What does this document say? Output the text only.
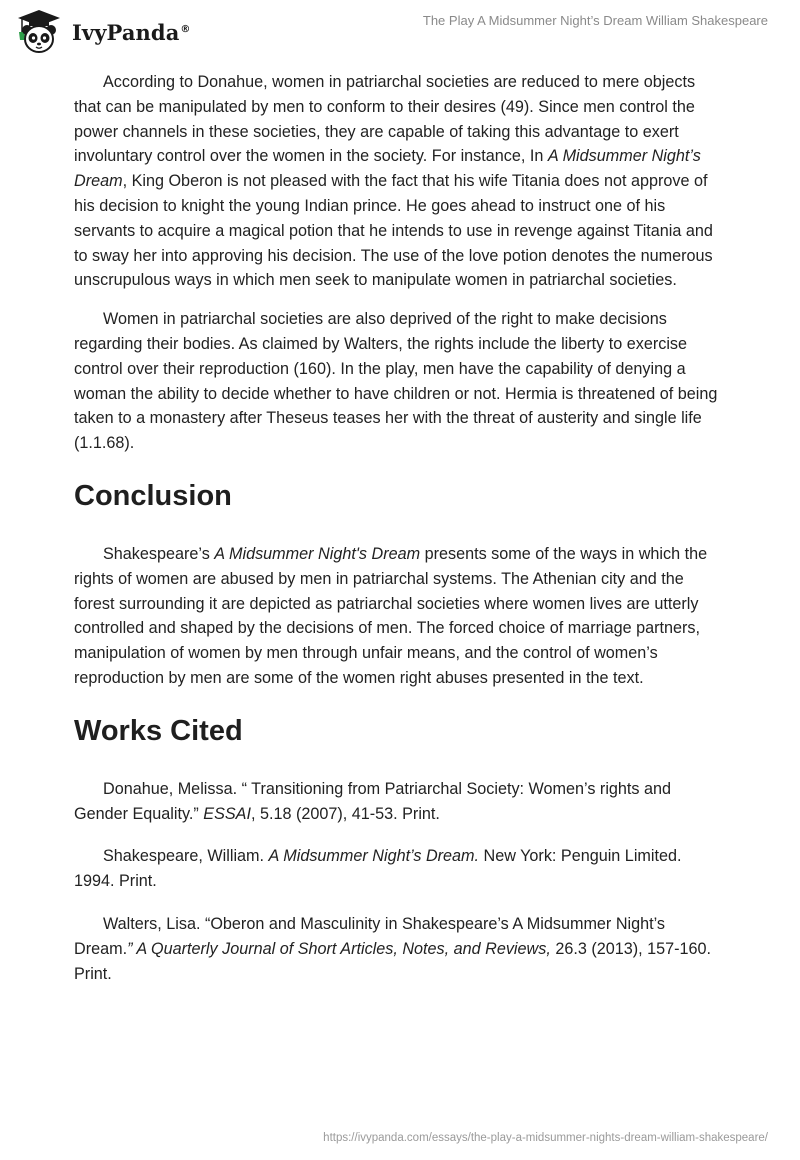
IvyPanda®
The Play A Midsummer Night’s Dream William Shakespeare

According to Donahue, women in patriarchal societies are reduced to mere objects that can be manipulated by men to conform to their desires (49). Since men control the power channels in these societies, they are capable of taking this advantage to exert involuntary control over the women in the society. For instance, In A Midsummer Night’s Dream, King Oberon is not pleased with the fact that his wife Titania does not approve of his decision to knight the young Indian prince. He goes ahead to instruct one of his servants to acquire a magical potion that he intends to use in revenge against Titania and to sway her into approving his decision. The use of the love potion denotes the numerous unscrupulous ways in which men seek to manipulate women in patriarchal societies.

Women in patriarchal societies are also deprived of the right to make decisions regarding their bodies. As claimed by Walters, the rights include the liberty to exercise control over their reproduction (160). In the play, men have the capability of denying a woman the ability to decide whether to have children or not. Hermia is threatened of being taken to a monastery after Theseus teases her with the threat of austerity and single life (1.1.68).

Conclusion

Shakespeare’s A Midsummer Night's Dream presents some of the ways in which the rights of women are abused by men in patriarchal systems. The Athenian city and the forest surrounding it are depicted as patriarchal societies where women lives are utterly controlled and shaped by the decisions of men. The forced choice of marriage partners, manipulation of women by men through unfair means, and the control of women’s reproduction by men are some of the women right abuses presented in the text.

Works Cited

Donahue, Melissa. “ Transitioning from Patriarchal Society: Women’s rights and Gender Equality.” ESSAI, 5.18 (2007), 41-53. Print.

Shakespeare, William. A Midsummer Night’s Dream. New York: Penguin Limited. 1994. Print.

Walters, Lisa. “Oberon and Masculinity in Shakespeare’s A Midsummer Night’s Dream.” A Quarterly Journal of Short Articles, Notes, and Reviews, 26.3 (2013), 157-160. Print.

https://ivypanda.com/essays/the-play-a-midsummer-nights-dream-william-shakespeare/
